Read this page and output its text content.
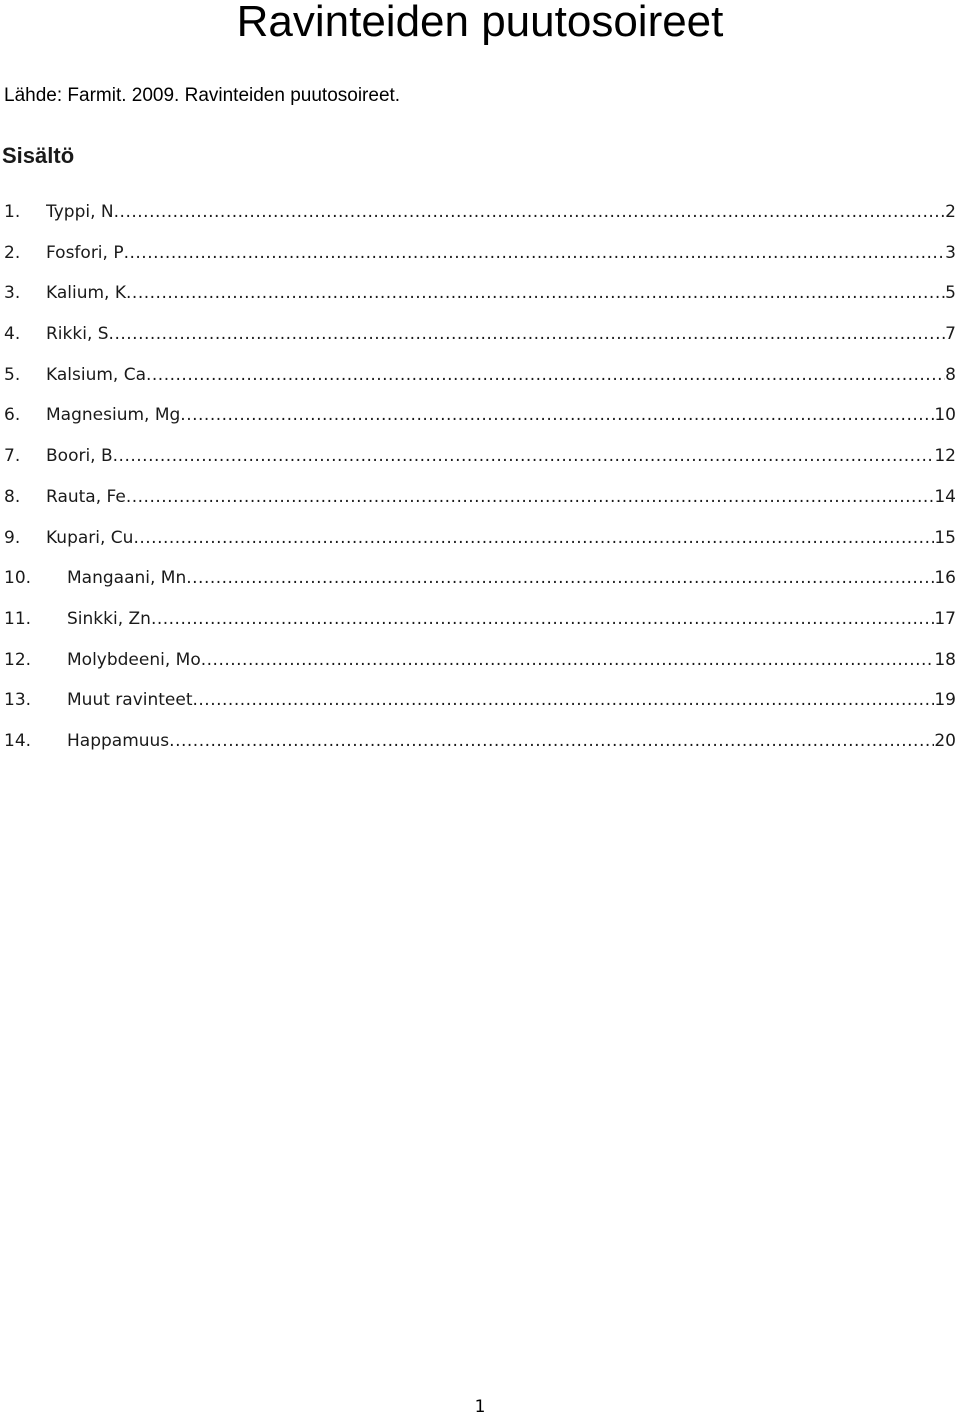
Ravinteiden puutosoireet
Lähde: Farmit. 2009. Ravinteiden puutosoireet.
Sisältö
1. Typpi, N .....	2
2. Fosfori, P .....	3
3. Kalium, K .....	5
4. Rikki, S .....	7
5. Kalsium, Ca .....	8
6. Magnesium, Mg .....	10
7. Boori, B .....	12
8. Rauta, Fe .....	14
9. Kupari, Cu .....	15
10. Mangaani, Mn .....	16
11. Sinkki, Zn .....	17
12. Molybdeeni, Mo .....	18
13. Muut ravinteet .....	19
14. Happamuus .....	20
1
